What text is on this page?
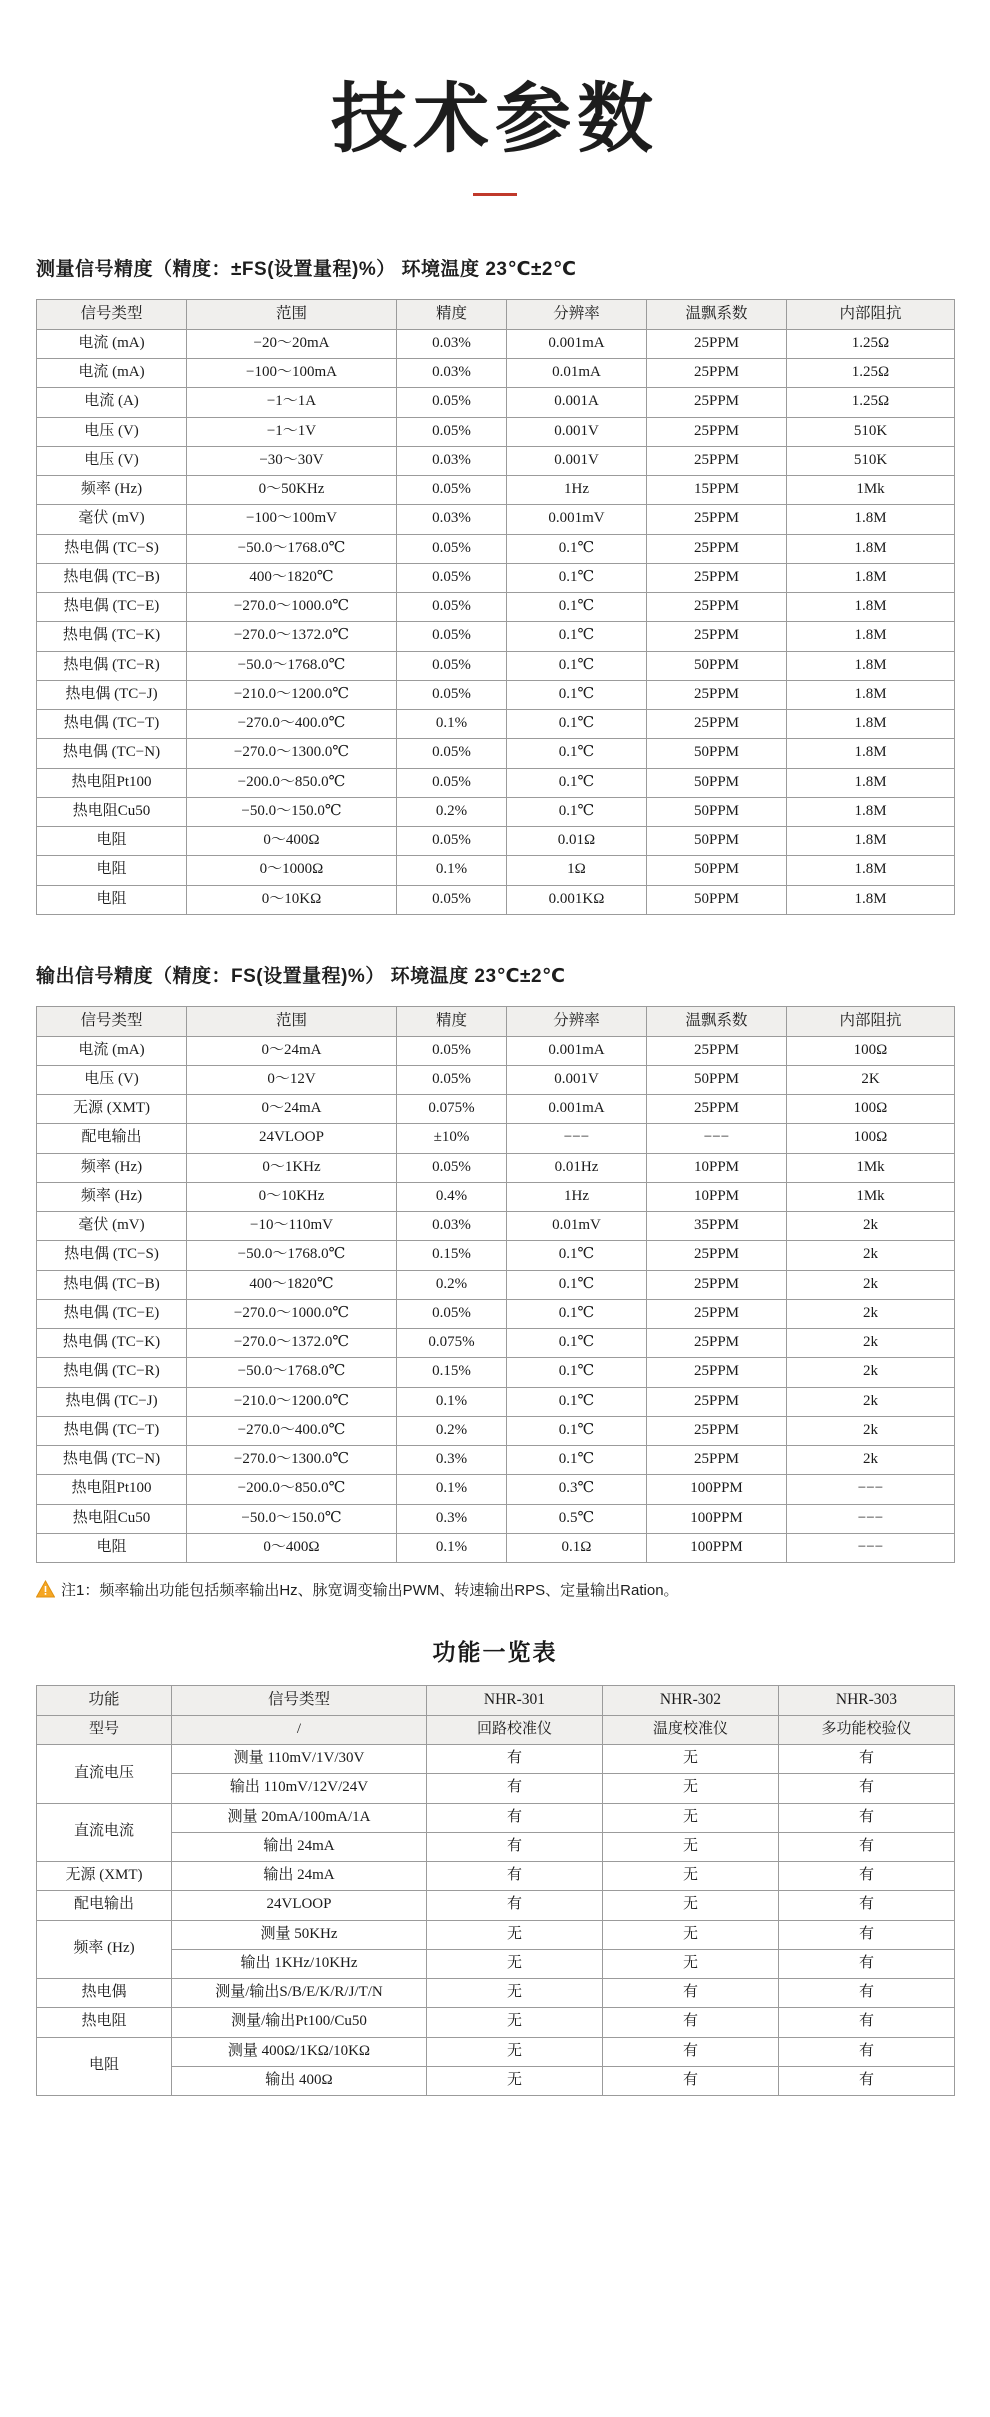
技术参数

测量信号精度（精度：±FS(设置量程)%） 环境温度 23℃±2℃

信号类型	范围	精度	分辨率	温飘系数	内部阻抗
电流 (mA)	−20～20mA	0.03%	0.001mA	25PPM	1.25Ω
电流 (mA)	−100～100mA	0.03%	0.01mA	25PPM	1.25Ω
电流 (A)	−1～1A	0.05%	0.001A	25PPM	1.25Ω
电压 (V)	−1～1V	0.05%	0.001V	25PPM	510K
电压 (V)	−30～30V	0.03%	0.001V	25PPM	510K
频率 (Hz)	0～50KHz	0.05%	1Hz	15PPM	1Mk
毫伏 (mV)	−100～100mV	0.03%	0.001mV	25PPM	1.8M
热电偶 (TC−S)	−50.0～1768.0℃	0.05%	0.1℃	25PPM	1.8M
热电偶 (TC−B)	400～1820℃	0.05%	0.1℃	25PPM	1.8M
热电偶 (TC−E)	−270.0～1000.0℃	0.05%	0.1℃	25PPM	1.8M
热电偶 (TC−K)	−270.0～1372.0℃	0.05%	0.1℃	25PPM	1.8M
热电偶 (TC−R)	−50.0～1768.0℃	0.05%	0.1℃	50PPM	1.8M
热电偶 (TC−J)	−210.0～1200.0℃	0.05%	0.1℃	25PPM	1.8M
热电偶 (TC−T)	−270.0～400.0℃	0.1%	0.1℃	25PPM	1.8M
热电偶 (TC−N)	−270.0～1300.0℃	0.05%	0.1℃	50PPM	1.8M
热电阻Pt100	−200.0～850.0℃	0.05%	0.1℃	50PPM	1.8M
热电阻Cu50	−50.0～150.0℃	0.2%	0.1℃	50PPM	1.8M
电阻	0～400Ω	0.05%	0.01Ω	50PPM	1.8M
电阻	0～1000Ω	0.1%	1Ω	50PPM	1.8M
电阻	0～10KΩ	0.05%	0.001KΩ	50PPM	1.8M

输出信号精度（精度：FS(设置量程)%） 环境温度 23℃±2℃

信号类型	范围	精度	分辨率	温飘系数	内部阻抗
电流 (mA)	0～24mA	0.05%	0.001mA	25PPM	100Ω
电压 (V)	0～12V	0.05%	0.001V	50PPM	2K
无源 (XMT)	0～24mA	0.075%	0.001mA	25PPM	100Ω
配电输出	24VLOOP	±10%	−−−	−−−	100Ω
频率 (Hz)	0～1KHz	0.05%	0.01Hz	10PPM	1Mk
频率 (Hz)	0～10KHz	0.4%	1Hz	10PPM	1Mk
毫伏 (mV)	−10～110mV	0.03%	0.01mV	35PPM	2k
热电偶 (TC−S)	−50.0～1768.0℃	0.15%	0.1℃	25PPM	2k
热电偶 (TC−B)	400～1820℃	0.2%	0.1℃	25PPM	2k
热电偶 (TC−E)	−270.0～1000.0℃	0.05%	0.1℃	25PPM	2k
热电偶 (TC−K)	−270.0～1372.0℃	0.075%	0.1℃	25PPM	2k
热电偶 (TC−R)	−50.0～1768.0℃	0.15%	0.1℃	25PPM	2k
热电偶 (TC−J)	−210.0～1200.0℃	0.1%	0.1℃	25PPM	2k
热电偶 (TC−T)	−270.0～400.0℃	0.2%	0.1℃	25PPM	2k
热电偶 (TC−N)	−270.0～1300.0℃	0.3%	0.1℃	25PPM	2k
热电阻Pt100	−200.0～850.0℃	0.1%	0.3℃	100PPM	−−−
热电阻Cu50	−50.0～150.0℃	0.3%	0.5℃	100PPM	−−−
电阻	0～400Ω	0.1%	0.1Ω	100PPM	−−−
注1：频率输出功能包括频率输出Hz、脉宽调变输出PWM、转速输出RPS、定量输出Ration。
功能一览表
功能	信号类型	NHR-301	NHR-302	NHR-303
型号	/	回路校准仪	温度校准仪	多功能校验仪
直流电压	测量 110mV/1V/30V	有	无	有
	输出 110mV/12V/24V	有	无	有
直流电流	测量 20mA/100mA/1A	有	无	有
	输出 24mA	有	无	有
无源 (XMT)	输出 24mA	有	无	有
配电输出	24VLOOP	有	无	有
频率 (Hz)	测量 50KHz	无	无	有
	输出 1KHz/10KHz	无	无	有
热电偶	测量/输出S/B/E/K/R/J/T/N	无	有	有
热电阻	测量/输出Pt100/Cu50	无	有	有
电阻	测量 400Ω/1KΩ/10KΩ	无	有	有
	输出 400Ω	无	有	有
